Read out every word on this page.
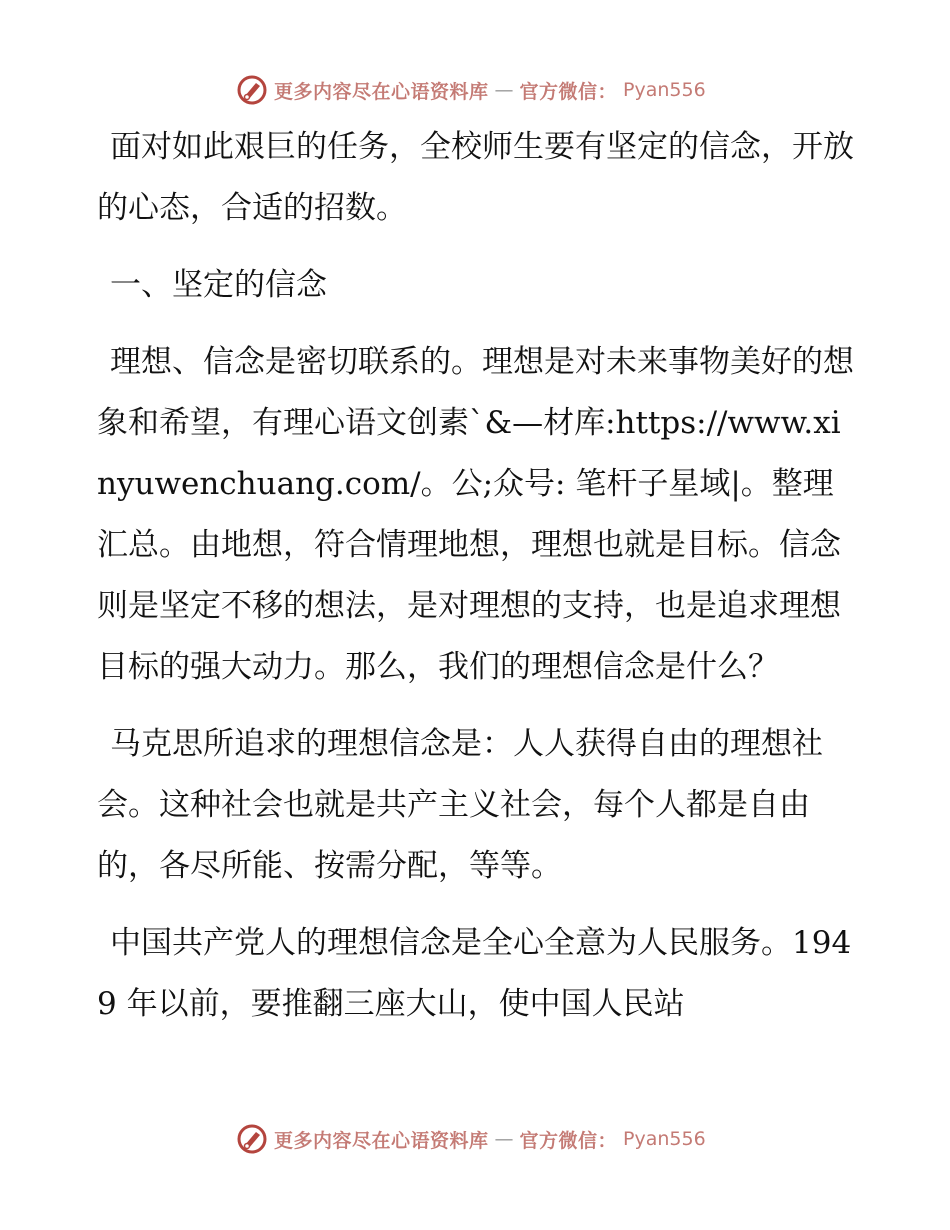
更多内容尽在心语资料库 — 官方微信： Pyan556

面对如此艰巨的任务，全校师生要有坚定的信念，开放的心态，合适的招数。

一、坚定的信念

理想、信念是密切联系的。理想是对未来事物美好的想象和希望，有理心语文创素`&—材库:https://www.xinyuwenchuang.com/。公;众号: 笔杆子星域|。整理汇总。由地想，符合情理地想，理想也就是目标。信念则是坚定不移的想法，是对理想的支持，也是追求理想目标的强大动力。那么，我们的理想信念是什么？

马克思所追求的理想信念是：人人获得自由的理想社会。这种社会也就是共产主义社会，每个人都是自由的，各尽所能、按需分配，等等。

中国共产党人的理想信念是全心全意为人民服务。1949 年以前，要推翻三座大山，使中国人民站

更多内容尽在心语资料库 — 官方微信： Pyan556
